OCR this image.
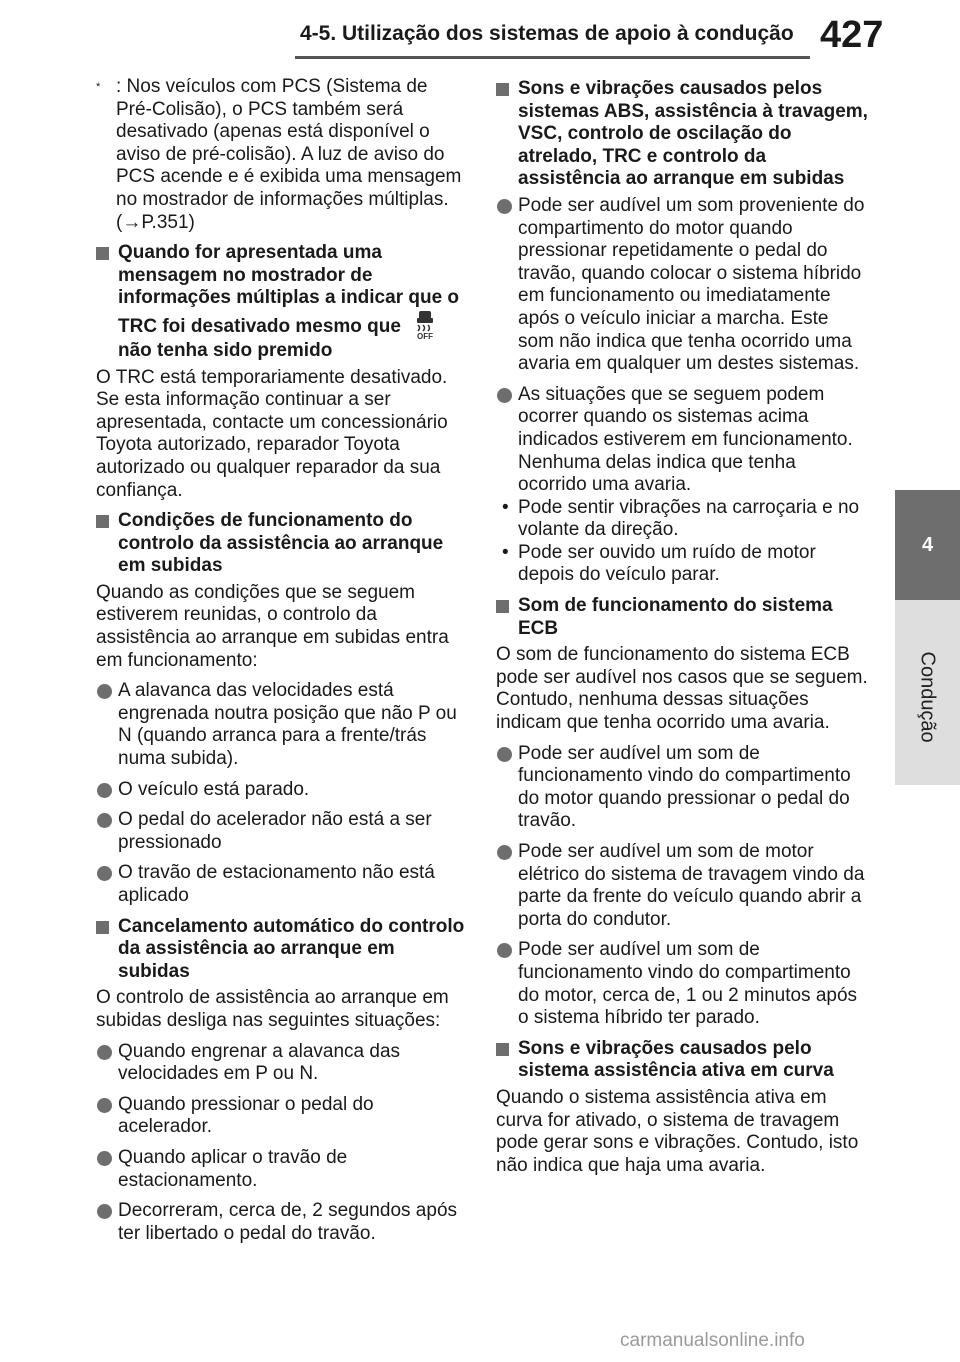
4-5. Utilização dos sistemas de apoio à condução 427
4
Condução
* : Nos veículos com PCS (Sistema de Pré-Colisão), o PCS também será desativado (apenas está disponível o aviso de pré-colisão). A luz de aviso do PCS acende e é exibida uma mensagem no mostrador de informações múltiplas. (→P.351)
Quando for apresentada uma mensagem no mostrador de informações múltiplas a indicar que o TRC foi desativado mesmo que OFF
não tenha sido premido
O TRC está temporariamente desativado. Se esta informação continuar a ser apresentada, contacte um concessionário Toyota autorizado, reparador Toyota autorizado ou qualquer reparador da sua confiança.
Condições de funcionamento do controlo da assistência ao arranque em subidas
Quando as condições que se seguem estiverem reunidas, o controlo da assistência ao arranque em subidas entra em funcionamento:
A alavanca das velocidades está engrenada noutra posição que não P ou N (quando arranca para a frente/trás numa subida).
O veículo está parado.
O pedal do acelerador não está a ser pressionado
O travão de estacionamento não está aplicado
Cancelamento automático do controlo da assistência ao arranque em subidas
O controlo de assistência ao arranque em subidas desliga nas seguintes situações:
Quando engrenar a alavanca das velocidades em P ou N.
Quando pressionar o pedal do acelerador.
Quando aplicar o travão de estacionamento.
Decorreram, cerca de, 2 segundos após ter libertado o pedal do travão.
Sons e vibrações causados pelos sistemas ABS, assistência à travagem, VSC, controlo de oscilação do atrelado, TRC e controlo da assistência ao arranque em subidas
Pode ser audível um som proveniente do compartimento do motor quando pressionar repetidamente o pedal do travão, quando colocar o sistema híbrido em funcionamento ou imediatamente após o veículo iniciar a marcha. Este som não indica que tenha ocorrido uma avaria em qualquer um destes sistemas.
As situações que se seguem podem ocorrer quando os sistemas acima indicados estiverem em funcionamento. Nenhuma delas indica que tenha ocorrido uma avaria.
• Pode sentir vibrações na carroçaria e no volante da direção.
• Pode ser ouvido um ruído de motor depois do veículo parar.
Som de funcionamento do sistema ECB
O som de funcionamento do sistema ECB pode ser audível nos casos que se seguem. Contudo, nenhuma dessas situações indicam que tenha ocorrido uma avaria.
Pode ser audível um som de funcionamento vindo do compartimento do motor quando pressionar o pedal do travão.
Pode ser audível um som de motor elétrico do sistema de travagem vindo da parte da frente do veículo quando abrir a porta do condutor.
Pode ser audível um som de funcionamento vindo do compartimento do motor, cerca de, 1 ou 2 minutos após o sistema híbrido ter parado.
Sons e vibrações causados pelo sistema assistência ativa em curva
Quando o sistema assistência ativa em curva for ativado, o sistema de travagem pode gerar sons e vibrações. Contudo, isto não indica que haja uma avaria.
carmanualsonline.info
